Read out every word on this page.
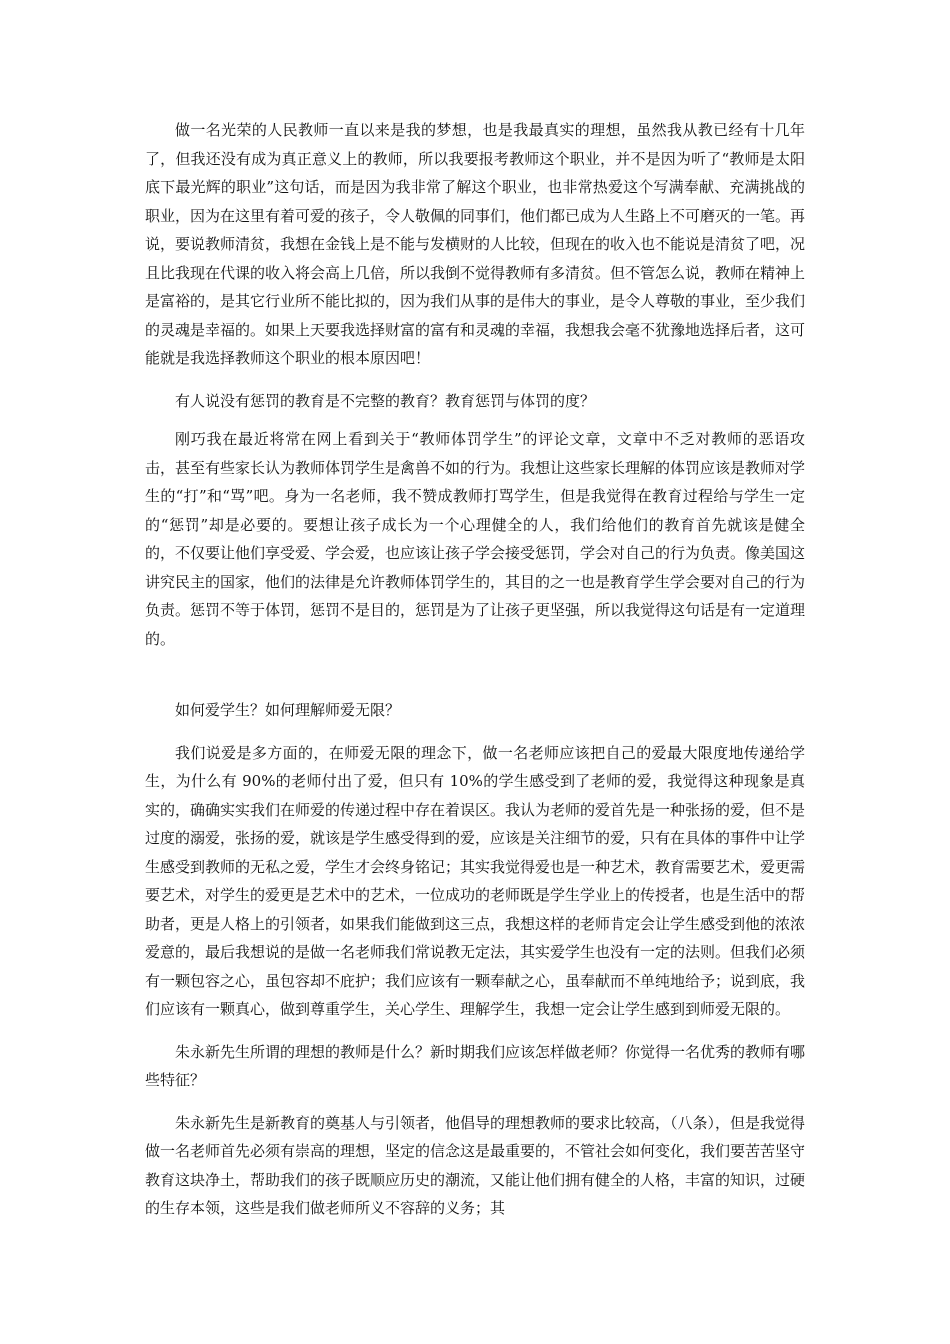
做一名光荣的人民教师一直以来是我的梦想，也是我最真实的理想，虽然我从教已经有十几年了，但我还没有成为真正意义上的教师，所以我要报考教师这个职业，并不是因为听了“教师是太阳底下最光辉的职业”这句话，而是因为我非常了解这个职业，也非常热爱这个写满奉献、充满挑战的职业，因为在这里有着可爱的孩子，令人敬佩的同事们，他们都已成为人生路上不可磨灭的一笔。再说，要说教师清贫，我想在金钱上是不能与发横财的人比较，但现在的收入也不能说是清贫了吧，况且比我现在代课的收入将会高上几倍，所以我倒不觉得教师有多清贫。但不管怎么说，教师在精神上是富裕的，是其它行业所不能比拟的，因为我们从事的是伟大的事业，是令人尊敬的事业，至少我们的灵魂是幸福的。如果上天要我选择财富的富有和灵魂的幸福，我想我会毫不犹豫地选择后者，这可能就是我选择教师这个职业的根本原因吧！

有人说没有惩罚的教育是不完整的教育？教育惩罚与体罚的度？

刚巧我在最近将常在网上看到关于“教师体罚学生”的评论文章，文章中不乏对教师的恶语攻击，甚至有些家长认为教师体罚学生是禽兽不如的行为。我想让这些家长理解的体罚应该是教师对学生的“打”和“骂”吧。身为一名老师，我不赞成教师打骂学生，但是我觉得在教育过程给与学生一定的“惩罚”却是必要的。要想让孩子成长为一个心理健全的人，我们给他们的教育首先就该是健全的，不仅要让他们享受爱、学会爱，也应该让孩子学会接受惩罚，学会对自己的行为负责。像美国这讲究民主的国家，他们的法律是允许教师体罚学生的，其目的之一也是教育学生学会要对自己的行为负责。惩罚不等于体罚，惩罚不是目的，惩罚是为了让孩子更坚强，所以我觉得这句话是有一定道理的。

如何爱学生？如何理解师爱无限？

我们说爱是多方面的，在师爱无限的理念下，做一名老师应该把自己的爱最大限度地传递给学生，为什么有 90%的老师付出了爱，但只有 10%的学生感受到了老师的爱，我觉得这种现象是真实的，确确实实我们在师爱的传递过程中存在着误区。我认为老师的爱首先是一种张扬的爱，但不是过度的溺爱，张扬的爱，就该是学生感受得到的爱，应该是关注细节的爱，只有在具体的事件中让学生感受到教师的无私之爱，学生才会终身铭记；其实我觉得爱也是一种艺术，教育需要艺术，爱更需要艺术，对学生的爱更是艺术中的艺术，一位成功的老师既是学生学业上的传授者，也是生活中的帮助者，更是人格上的引领者，如果我们能做到这三点，我想这样的老师肯定会让学生感受到他的浓浓爱意的，最后我想说的是做一名老师我们常说教无定法，其实爱学生也没有一定的法则。但我们必须有一颗包容之心，虽包容却不庇护；我们应该有一颗奉献之心，虽奉献而不单纯地给予；说到底，我们应该有一颗真心，做到尊重学生，关心学生、理解学生，我想一定会让学生感到到师爱无限的。

朱永新先生所谓的理想的教师是什么？新时期我们应该怎样做老师？你觉得一名优秀的教师有哪些特征？

朱永新先生是新教育的奠基人与引领者，他倡导的理想教师的要求比较高，（八条），但是我觉得做一名老师首先必须有崇高的理想，坚定的信念这是最重要的，不管社会如何变化，我们要苦苦坚守教育这块净土，帮助我们的孩子既顺应历史的潮流，又能让他们拥有健全的人格，丰富的知识，过硬的生存本领，这些是我们做老师所义不容辞的义务；其
